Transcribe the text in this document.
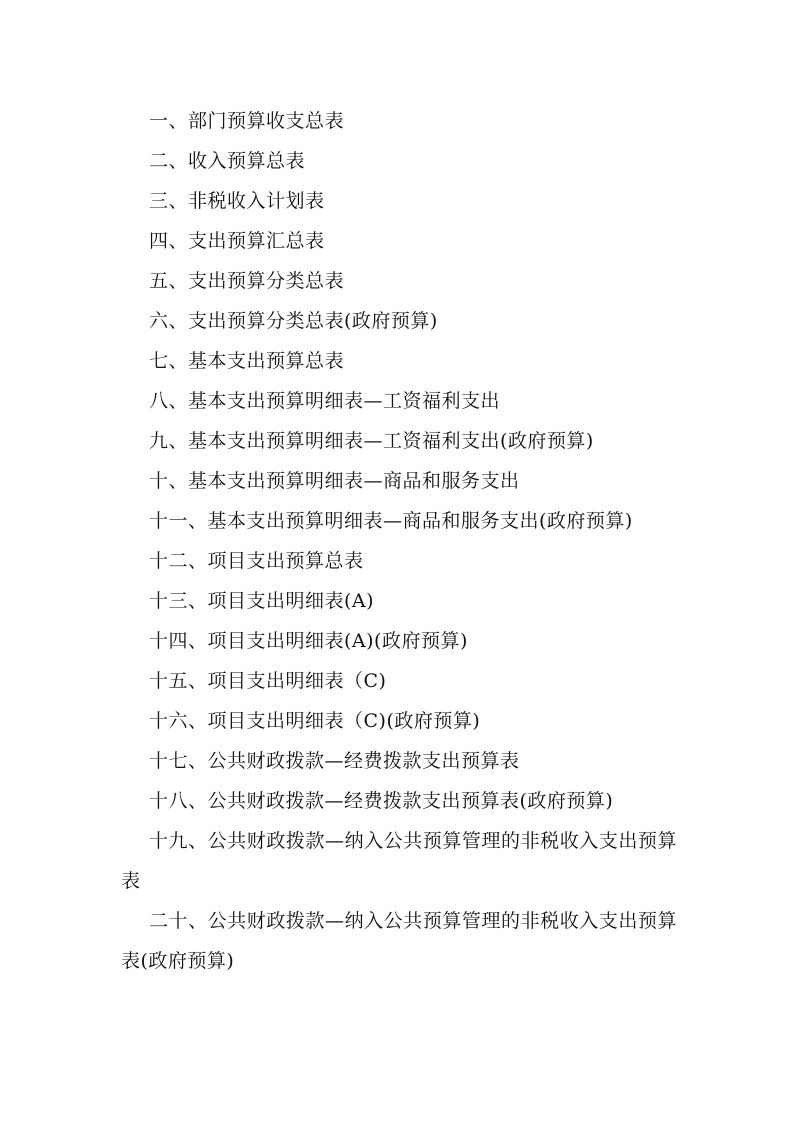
一、部门预算收支总表
二、收入预算总表
三、非税收入计划表
四、支出预算汇总表
五、支出预算分类总表
六、支出预算分类总表(政府预算)
七、基本支出预算总表
八、基本支出预算明细表—工资福利支出
九、基本支出预算明细表—工资福利支出(政府预算)
十、基本支出预算明细表—商品和服务支出
十一、基本支出预算明细表—商品和服务支出(政府预算)
十二、项目支出预算总表
十三、项目支出明细表(A)
十四、项目支出明细表(A)(政府预算)
十五、项目支出明细表（C)
十六、项目支出明细表（C)(政府预算)
十七、公共财政拨款—经费拨款支出预算表
十八、公共财政拨款—经费拨款支出预算表(政府预算)
十九、公共财政拨款—纳入公共预算管理的非税收入支出预算表
二十、公共财政拨款—纳入公共预算管理的非税收入支出预算表(政府预算)
